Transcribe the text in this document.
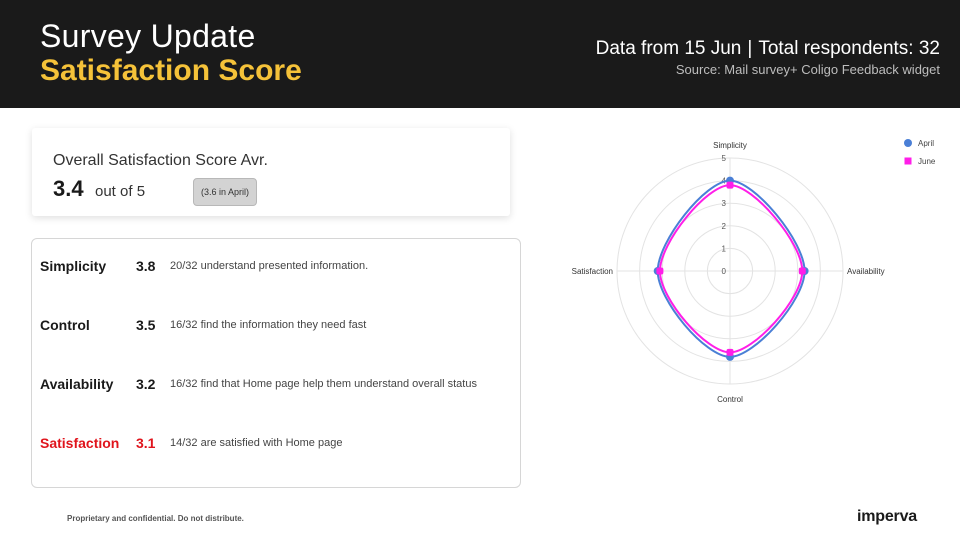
Survey Update
Satisfaction Score
Data from 15 Jun | Total respondents: 32
Source: Mail survey+ Coligo Feedback widget
Overall Satisfaction Score Avr.
3.4 out of 5	(3.6 in April)
Simplicity 3.8 20/32 understand presented information.
Control	3.5 16/32 find the information they need fast
Availability 3.2 16/32 find that Home page help them understand overall status
Satisfaction 3.1 14/32 are satisfied with Home page
0
1
2
3
4
5
Simplicity
Availability
Control
Satisfaction
April
June
Proprietary and confidential. Do not distribute.	imperva
